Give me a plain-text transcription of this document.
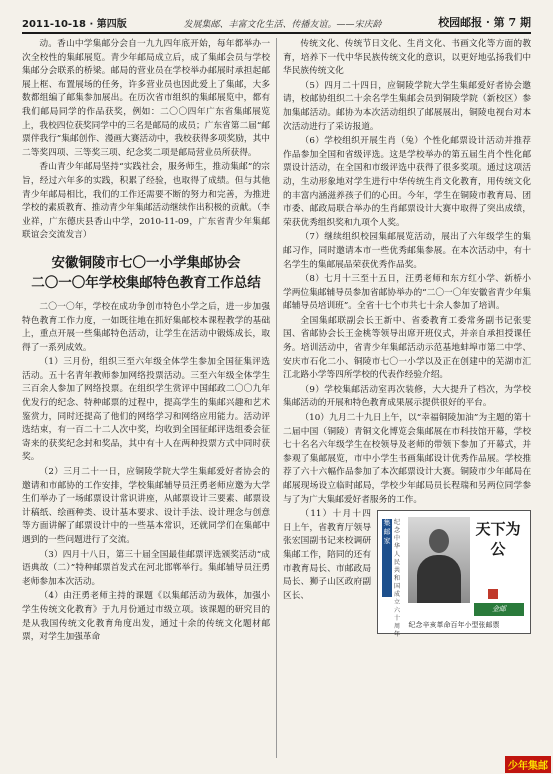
2011-10-18 · 第四版	发展集邮、丰富文化生活、传播友谊。——宋庆龄	校园邮报 · 第 7 期

动。香山中学集邮分会自一九九四年底开始，每年都举办一次全校性的集邮展览。青少年邮局成立后，成了集邮会员与学校集邮分会联系的桥梁。邮局的营业员在学校举办邮展时承担起邮展上框、布置展场的任务，许多营业员也因此爱上了集邮，大多数都组编了邮集参加展出。在历次省市组织的集邮展览中，都有我们邮局同学的作品获奖，例如：二〇〇四年广东省集邮展览上，我校四位获奖同学中的三名是邮局的成员；广东省第二届“邮票伴我行”集邮创作、漫画大赛活动中，我校获得多项奖励，其中二等奖四项、三等奖三项、纪念奖二项是邮局营业员所获得。

香山青少年邮局坚持“实践社会，服务师生，推动集邮”的宗旨，经过六年多的实践，积累了经验，也取得了成绩。但与其他青少年邮局相比，我们的工作还需要不断的努力和完善，为推进学校的素质教育、推动青少年集邮活动继续作出积极的贡献。（李业祥，广东德庆县香山中学，2010-11-09，广东省青少年集邮联谊会交流发言）

安徽铜陵市七〇一小学集邮协会
二〇一〇年学校集邮特色教育工作总结

二〇一〇年，学校在成功争创市特色小学之后，进一步加强特色教育工作力度，一如既往地在抓好集邮校本课程教学的基础上，重点开展一些集邮特色活动，让学生在活动中锻炼成长，取得了一系列成效。

（1）三月份，组织三至六年级全体学生参加全国征集评选活动。五十名青年教师参加网络投票活动。三至六年级全体学生三百余人参加了网络投票。在组织学生赏评中国邮政二〇〇九年优发行的纪念、特种邮票的过程中，提高学生的集邮兴趣和艺术鉴赏力，同时还提高了他们的网络学习和网络应用能力。活动评选结束，有一百二十二人次中奖，均收到全国征邮评选组委会征寄来的获奖纪念封和奖品，其中有十人在两种投票方式中同时获奖。

（2）三月二十一日，应铜陵学院大学生集邮爱好者协会的邀请和市邮协的工作安排，学校集邮辅导员汪勇老师应邀为大学生们举办了一场邮票设计常识讲座，从邮票设计三要素、邮票设计稿纸、绘画种类、设计基本要求、设计手法、设计理念与创意等方面讲解了邮票设计中的一些基本常识，还就同学们在集邮中遇到的一些问题进行了交流。

（3）四月十八日，第三十届全国最佳邮票评选颁奖活动“成语典故（二）”特种邮票首发式在河北邯郸举行。集邮辅导员汪勇老师参加本次活动。

（4）由汪勇老师主持的课题《以集邮活动为载体，加强小学生传统文化教育》于九月份通过市级立项。该课题的研究目的是从我国传统文化教育角度出发，通过十余的传统文化题材邮票，对学生加强革命

传统文化、传统节日文化、生肖文化、书画文化等方面的教育，培养下一代中华民族传统文化的意识，以更好地弘扬我们中华民族传统文化

（5）四月二十四日，应铜陵学院大学生集邮爱好者协会邀请，校邮协组织二十余名学生集邮会员到铜陵学院（新校区）参加集邮活动。邮协为本次活动组织了邮展展出，铜陵电视台对本次活动进行了采访报道。

（6）学校组织开展生肖（兔）个性化邮票设计活动并推荐作品参加全国和省级评选。这是学校举办的第五届生肖个性化邮票设计活动，在全国和市级评选中获得了很多奖项。通过这项活动，生动形象地对学生进行中华传统生肖文化教育，用传统文化的丰富内涵滋养孩子们的心田。今年，学生在铜陵市教育局、团市委、邮政局联合举办的生肖邮票设计大赛中取得了突出成绩，荣获优秀组织奖和九项个人奖。

（7）继续组织校园集邮展览活动，展出了六年级学生的集邮习作，同时邀请本市一些优秀邮集参展。在本次活动中，有十名学生的集邮展品荣获优秀作品奖。

（8）七月十三至十五日，汪勇老师和东方红小学、新桥小学两位集邮辅导员参加省邮协举办的“二〇一〇年安徽省青少年集邮辅导员培训班”。全省十七个市共七十余人参加了培训。

全国集邮联副会长王新中、省委教育工委常务副书记张雯国、省邮协会长王金桃等领导出席开班仪式，并亲自承担授课任务。培训活动中，省青少年集邮活动示范基地蚌埠市第二中学、安庆市石化二小、铜陵市七〇一小学以及正在创建中的芜湖市汇江北路小学等四所学校的代表作经验介绍。

（9）学校集邮活动室再次装修，大大提升了档次，为学校集邮活动的开展和特色教育成果展示提供很好的平台。

（10）九月二十九日上午，以“幸福铜陵加油”为主题的第十二届中国（铜陵）青铜文化博览会集邮展在市科技馆开幕，学校七十名名六年级学生在校领导及老师的带领下参加了开幕式，并参观了集邮展览，市中小学生书画集邮设计优秀作品展。学校推荐了六十六幅作品参加了本次邮票设计大赛。铜陵市少年邮局在邮展现场设立临时邮局，学校少年邮局员长程瑞和另两位同学参与了为广大集邮爱好者服务的工作。

集邮家
纪念中华人民共和国成立六十周年
天下为公
金邮
纪念辛亥革命百年小型张邮票

（11）十月十四日上午，省教育厅领导张宏国副书记来校调研集邮工作，陪同的还有市教育局长、市邮政局局长、狮子山区政府副区长、

少年集邮
